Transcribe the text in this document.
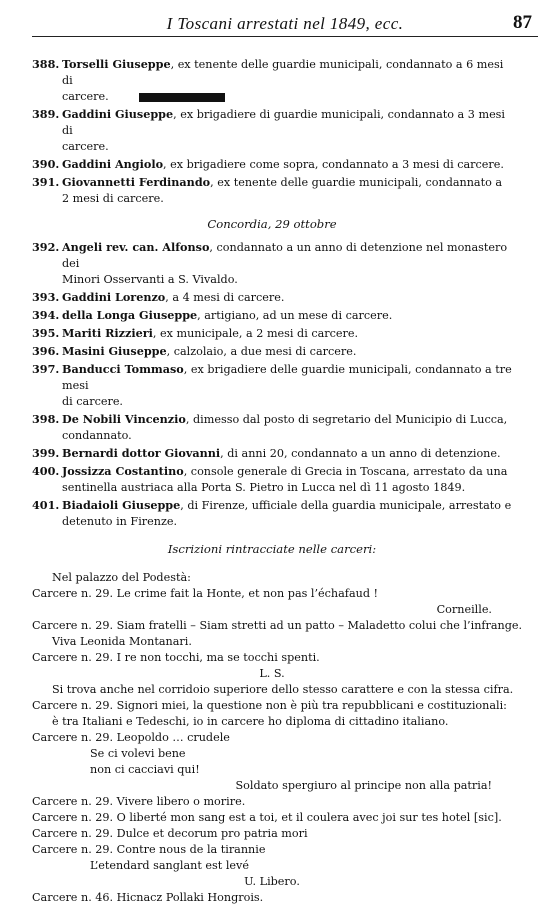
I Toscani arrestati nel 1849, ecc.	87
388. Torselli Giuseppe, ex tenente delle guardie municipali, condannato a 6 mesi di
carcere.
389. Gaddini Giuseppe, ex brigadiere di guardie municipali, condannato a 3 mesi di
carcere.
390. Gaddini Angiolo, ex brigadiere come sopra, condannato a 3 mesi di carcere.
391. Giovannetti Ferdinando, ex tenente delle guardie municipali, condannato a
2 mesi di carcere.
Concordia, 29 ottobre
392. Angeli rev. can. Alfonso, condannato a un anno di detenzione nel monastero dei
Minori Osservanti a S. Vivaldo.
393. Gaddini Lorenzo, a 4 mesi di carcere.
394. della Longa Giuseppe, artigiano, ad un mese di carcere.
395. Mariti Rizzieri, ex municipale, a 2 mesi di carcere.
396. Masini Giuseppe, calzolaio, a due mesi di carcere.
397. Banducci Tommaso, ex brigadiere delle guardie municipali, condannato a tre mesi
di carcere.
398. De Nobili Vincenzio, dimesso dal posto di segretario del Municipio di Lucca,
condannato.
399. Bernardi dottor Giovanni, di anni 20, condannato a un anno di detenzione.
400. Jossizza Costantino, console generale di Grecia in Toscana, arrestato da una
sentinella austriaca alla Porta S. Pietro in Lucca nel dì 11 agosto 1849.
401. Biadaioli Giuseppe, di Firenze, ufficiale della guardia municipale, arrestato e
detenuto in Firenze.
Iscrizioni rintracciate nelle carceri:
Nel palazzo del Podestà:
Carcere n. 29. Le crime fait la Honte, et non pas l’échafaud !
Corneille.
Carcere n. 29. Siam fratelli – Siam stretti ad un patto – Maladetto colui che l’infrange.
Viva Leonida Montanari.
Carcere n. 29. I re non tocchi, ma se tocchi spenti.
L. S.
Si trova anche nel corridoio superiore dello stesso carattere e con la stessa cifra.
Carcere n. 29. Signori miei, la questione non è più tra repubblicani e costituzionali:
è tra Italiani e Tedeschi, io in carcere ho diploma di cittadino italiano.
Carcere n. 29. Leopoldo … crudele
Se ci volevi bene
non ci cacciavi qui!
Soldato spergiuro al principe non alla patria!
Carcere n. 29. Vivere libero o morire.
Carcere n. 29. O liberté mon sang est a toi, et il coulera avec joi sur tes hotel [sic].
Carcere n. 29. Dulce et decorum pro patria mori
Carcere n. 29. Contre nous de la tirannie
L’etendard sanglant est levé
U. Libero.
Carcere n. 46. Hicnacz Pollaki Hongrois.
